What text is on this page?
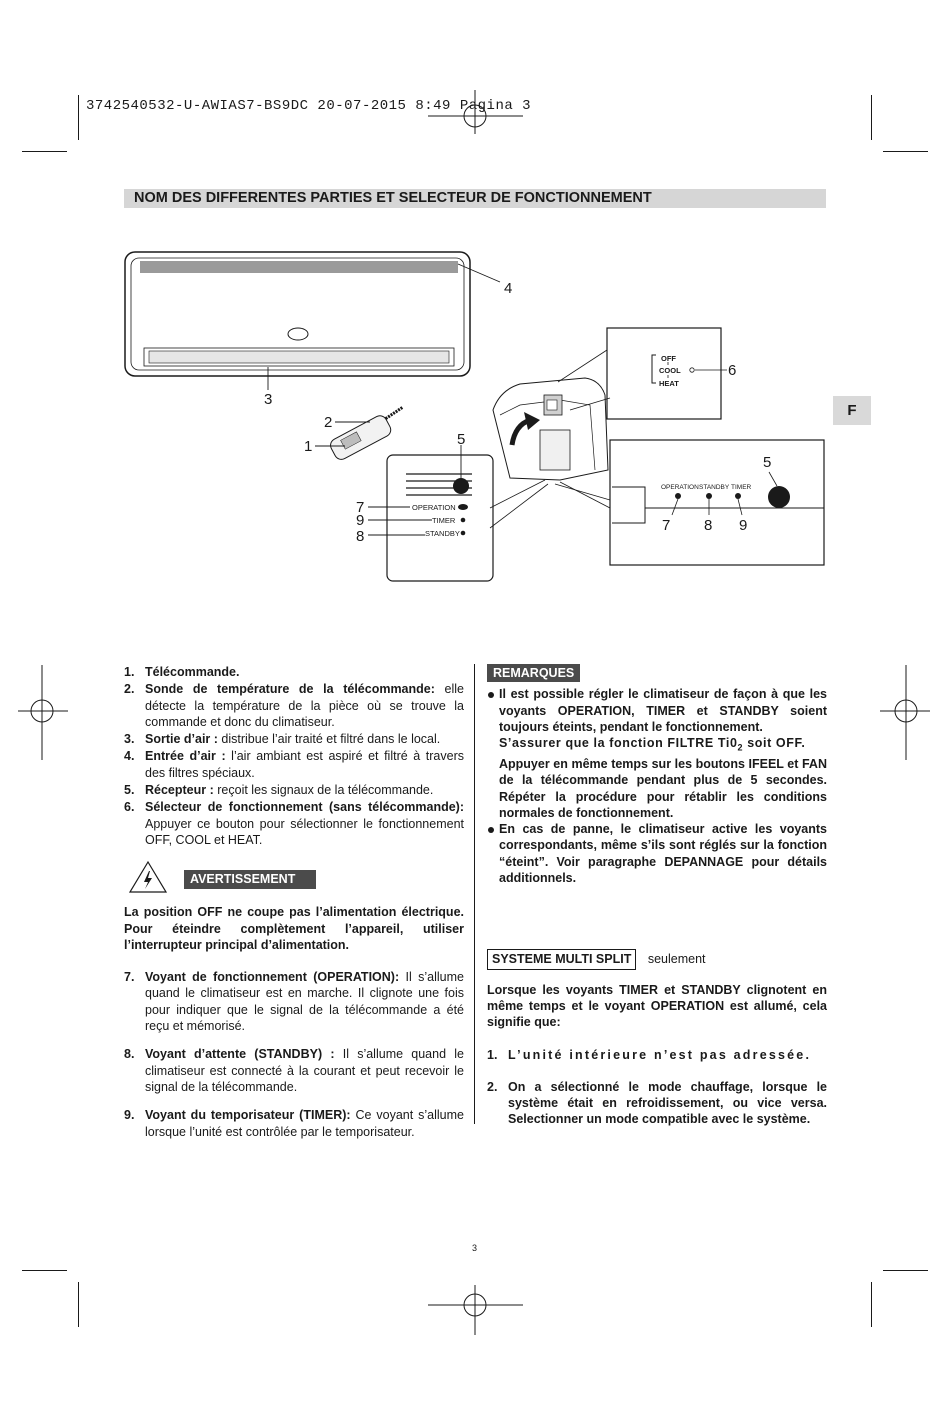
3742540532-U-AWIAS7-BS9DC 20-07-2015 8:49 Pagina 3
NOM DES DIFFERENTES PARTIES ET SELECTEUR DE FONCTIONNEMENT
F
4
3
2
1	5
7
9
8
OPERATION
TIMER
STANDBY
OFF
COOL
HEAT
6
5
OPERATION STANDBY TIMER
7 8 9
1. Télécommande.
2. Sonde de température de la télécommande: elle détecte la température de la pièce où se trouve la commande et donc du climatiseur.
3. Sortie d’air : distribue l’air traité et filtré dans le local.
4. Entrée d’air : l’air ambiant est aspiré et filtré à travers des filtres spéciaux.
5. Récepteur : reçoit les signaux de la télécommande.
6. Sélecteur de fonctionnement (sans télécommande): Appuyer ce bouton pour sélectionner le fonctionnement OFF, COOL et HEAT.
AVERTISSEMENT
La position OFF ne coupe pas l’alimentation électrique. Pour éteindre complètement l’appareil, utiliser l’interrupteur principal d’alimentation.
7. Voyant de fonctionnement (OPERATION): Il s’allume quand le climatiseur est en marche. Il clignote une fois pour indiquer que le signal de la télécommande a été reçu et mémorisé.
8. Voyant d’attente (STANDBY) : Il s’allume quand le climatiseur est connecté à la courant et peut recevoir le signal de la télécommande.
9. Voyant du temporisateur (TIMER): Ce voyant s’allume lorsque l’unité est contrôlée par le temporisateur.
REMARQUES
Il est possible régler le climatiseur de façon à que les voyants OPERATION, TIMER et STANDBY soient toujours éteints, pendant le fonctionnement.
S’assurer que la fonction FILTRE $Ti0_2$ soit OFF.
Appuyer en même temps sur les boutons IFEEL et FAN de la télécommande pendant plus de 5 secondes. Répéter la procédure pour rétablir les conditions normales de fonctionnement.
En cas de panne, le climatiseur active les voyants correspondants, même s’ils sont réglés sur la fonction “éteint”. Voir paragraphe DEPANNAGE pour détails additionnels.
SYSTEME MULTI SPLIT seulement
Lorsque les voyants TIMER et STANDBY clignotent en même temps et le voyant OPERATION est allumé, cela signifie que:
1. L’unité intérieure n’est pas adressée.
2. On a sélectionné le mode chauffage, lorsque le système était en refroidissement, ou vice versa. Selectionner un mode compatible avec le système.
3
